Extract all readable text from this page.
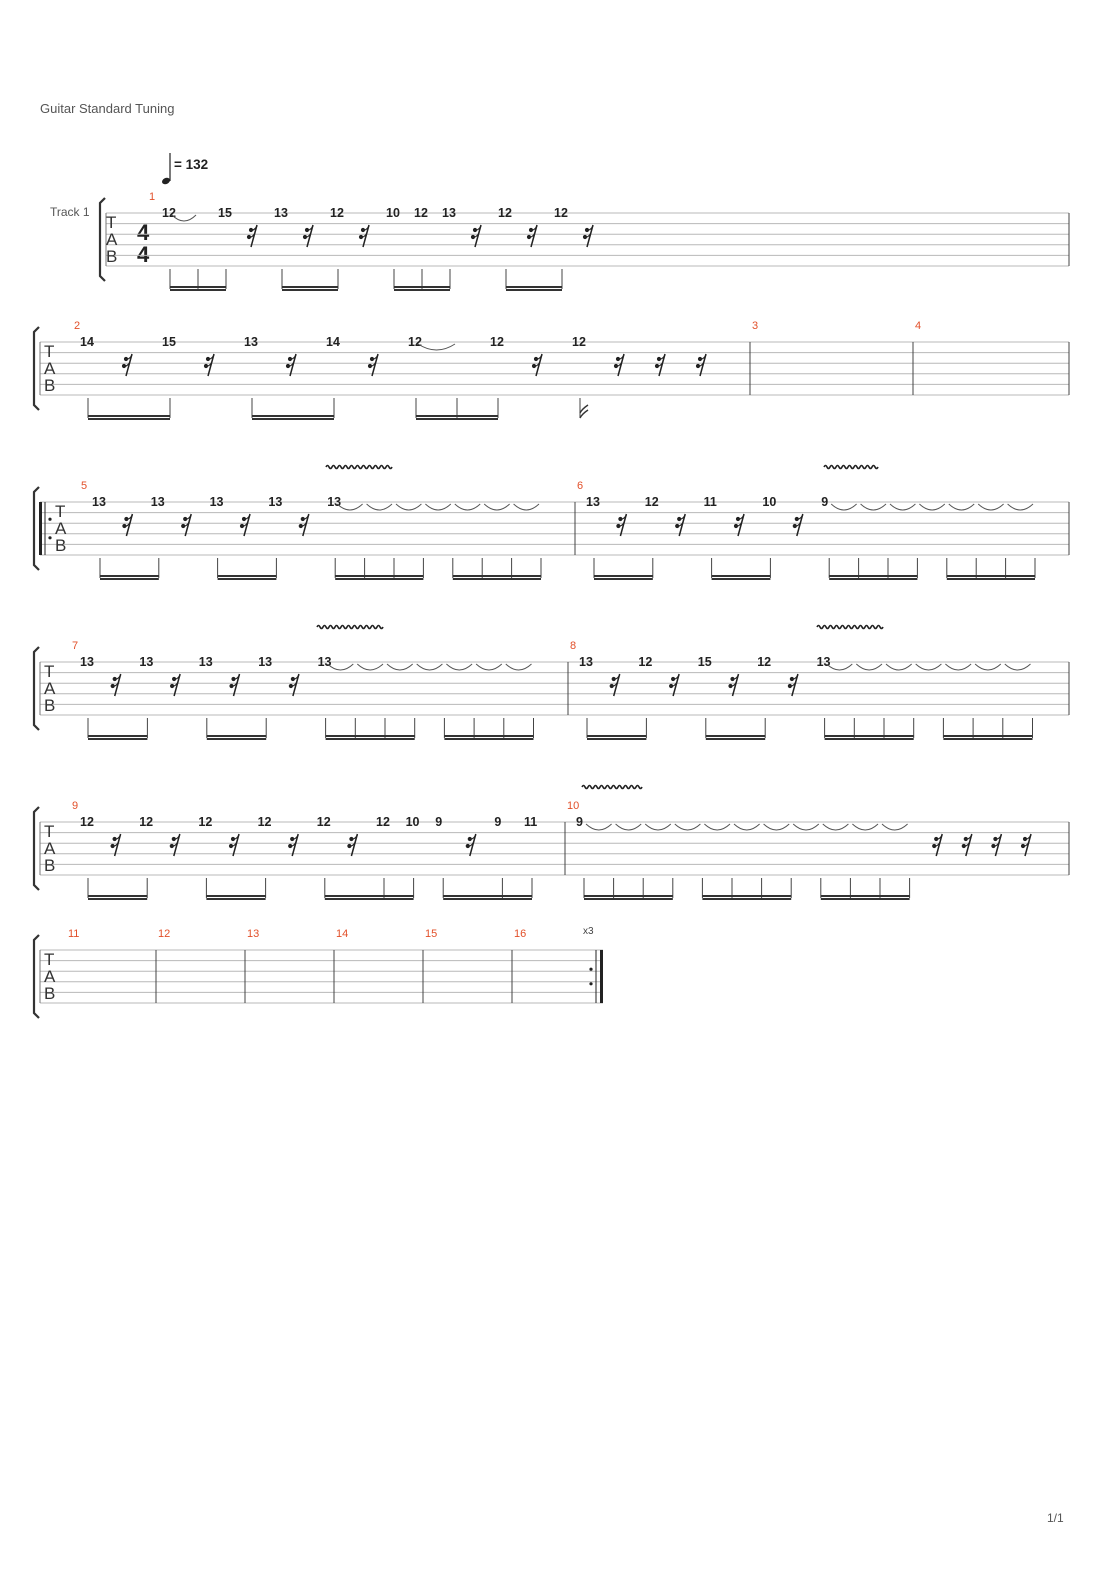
Guitar Standard Tuning
1/1
= 132
Track 1
4
4
x3
T
A
B
1
12	15	13	12	10 12 13	12	12
T
A
B
2
14	15	13	14	12	12	12
3	4
T
A
B
5
13	13	13	13	13
6
13	12	11	10	9
T
A
B
7
13	13	13	13	13
8
13	12	15	12	13
T
A
B
9
12	12	12	12	12	12 10 9	9 11
10
9
T
A
B
11	12	13	14	15	16
